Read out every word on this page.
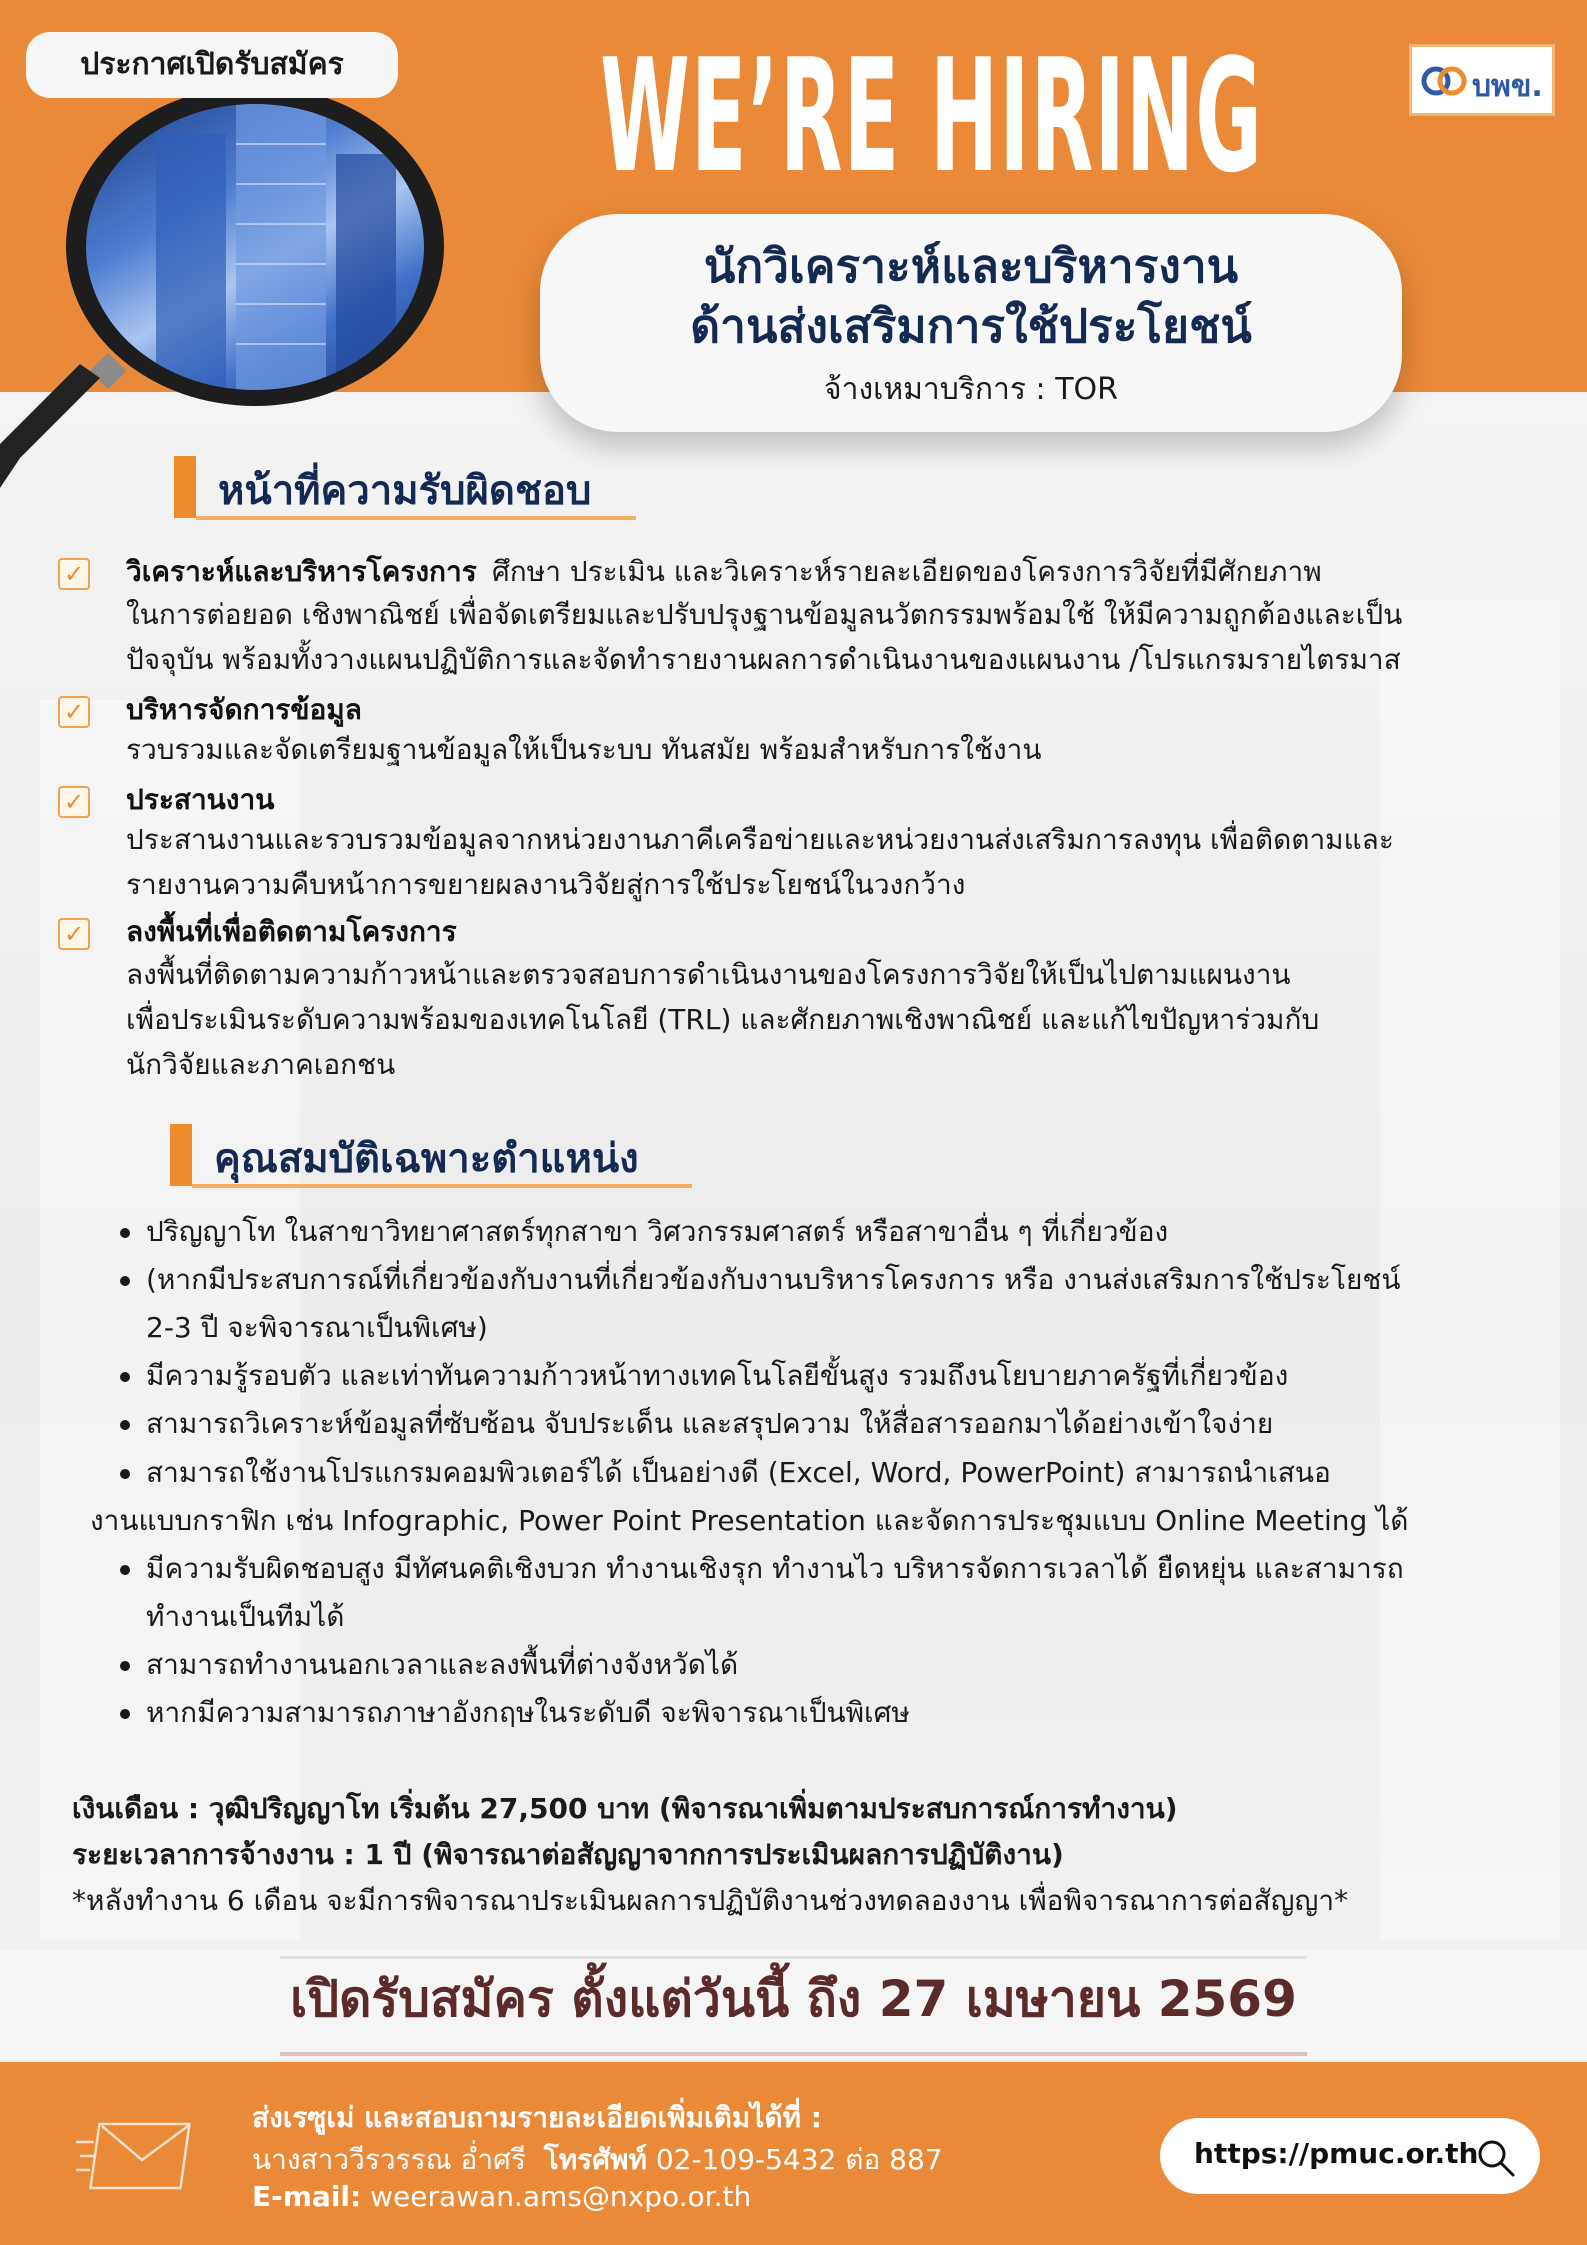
ประกาศเปิดรับสมัคร	WE’RE HIRING	บพข.
นักวิเคราะห์และบริหารงาน
ด้านส่งเสริมการใช้ประโยชน์
จ้างเหมาบริการ : TOR
หน้าที่ความรับผิดชอบ
✓ วิเคราะห์และบริหารโครงการ ศึกษา ประเมิน และวิเคราะห์รายละเอียดของโครงการวิจัยที่มีศักยภาพ
ในการต่อยอด เชิงพาณิชย์ เพื่อจัดเตรียมและปรับปรุงฐานข้อมูลนวัตกรรมพร้อมใช้ ให้มีความถูกต้องและเป็น
ปัจจุบัน พร้อมทั้งวางแผนปฏิบัติการและจัดทำรายงานผลการดำเนินงานของแผนงาน /โปรแกรมรายไตรมาส
✓ บริหารจัดการข้อมูล
รวบรวมและจัดเตรียมฐานข้อมูลให้เป็นระบบ ทันสมัย พร้อมสำหรับการใช้งาน
✓ ประสานงาน
ประสานงานและรวบรวมข้อมูลจากหน่วยงานภาคีเครือข่ายและหน่วยงานส่งเสริมการลงทุน เพื่อติดตามและ
รายงานความคืบหน้าการขยายผลงานวิจัยสู่การใช้ประโยชน์ในวงกว้าง
✓ ลงพื้นที่เพื่อติดตามโครงการ
ลงพื้นที่ติดตามความก้าวหน้าและตรวจสอบการดำเนินงานของโครงการวิจัยให้เป็นไปตามแผนงาน
เพื่อประเมินระดับความพร้อมของเทคโนโลยี (TRL) และศักยภาพเชิงพาณิชย์ และแก้ไขปัญหาร่วมกับ
นักวิจัยและภาคเอกชน
คุณสมบัติเฉพาะตำแหน่ง
ปริญญาโท ในสาขาวิทยาศาสตร์ทุกสาขา วิศวกรรมศาสตร์ หรือสาขาอื่น ๆ ที่เกี่ยวข้อง
(หากมีประสบการณ์ที่เกี่ยวข้องกับงานที่เกี่ยวข้องกับงานบริหารโครงการ หรือ งานส่งเสริมการใช้ประโยชน์
2-3 ปี จะพิจารณาเป็นพิเศษ)
มีความรู้รอบตัว และเท่าทันความก้าวหน้าทางเทคโนโลยีขั้นสูง รวมถึงนโยบายภาครัฐที่เกี่ยวข้อง
สามารถวิเคราะห์ข้อมูลที่ซับซ้อน จับประเด็น และสรุปความ ให้สื่อสารออกมาได้อย่างเข้าใจง่าย
สามารถใช้งานโปรแกรมคอมพิวเตอร์ได้ เป็นอย่างดี (Excel, Word, PowerPoint) สามารถนำเสนอ
งานแบบกราฟิก เช่น Infographic, Power Point Presentation และจัดการประชุมแบบ Online Meeting ได้
มีความรับผิดชอบสูง มีทัศนคติเชิงบวก ทำงานเชิงรุก ทำงานไว บริหารจัดการเวลาได้ ยืดหยุ่น และสามารถ
ทำงานเป็นทีมได้
สามารถทำงานนอกเวลาและลงพื้นที่ต่างจังหวัดได้
หากมีความสามารถภาษาอังกฤษในระดับดี จะพิจารณาเป็นพิเศษ
เงินเดือน : วุฒิปริญญาโท เริ่มต้น 27,500 บาท (พิจารณาเพิ่มตามประสบการณ์การทำงาน)
ระยะเวลาการจ้างงาน : 1 ปี (พิจารณาต่อสัญญาจากการประเมินผลการปฏิบัติงาน)
*หลังทำงาน 6 เดือน จะมีการพิจารณาประเมินผลการปฏิบัติงานช่วงทดลองงาน เพื่อพิจารณาการต่อสัญญา*
เปิดรับสมัคร ตั้งแต่วันนี้ ถึง 27 เมษายน 2569
ส่งเรซูเม่ และสอบถามรายละเอียดเพิ่มเติมได้ที่ :
นางสาววีรวรรณ อ่ำศรี โทรศัพท์ 02-109-5432 ต่อ 887
E-mail: weerawan.ams@nxpo.or.th
https://pmuc.or.th
